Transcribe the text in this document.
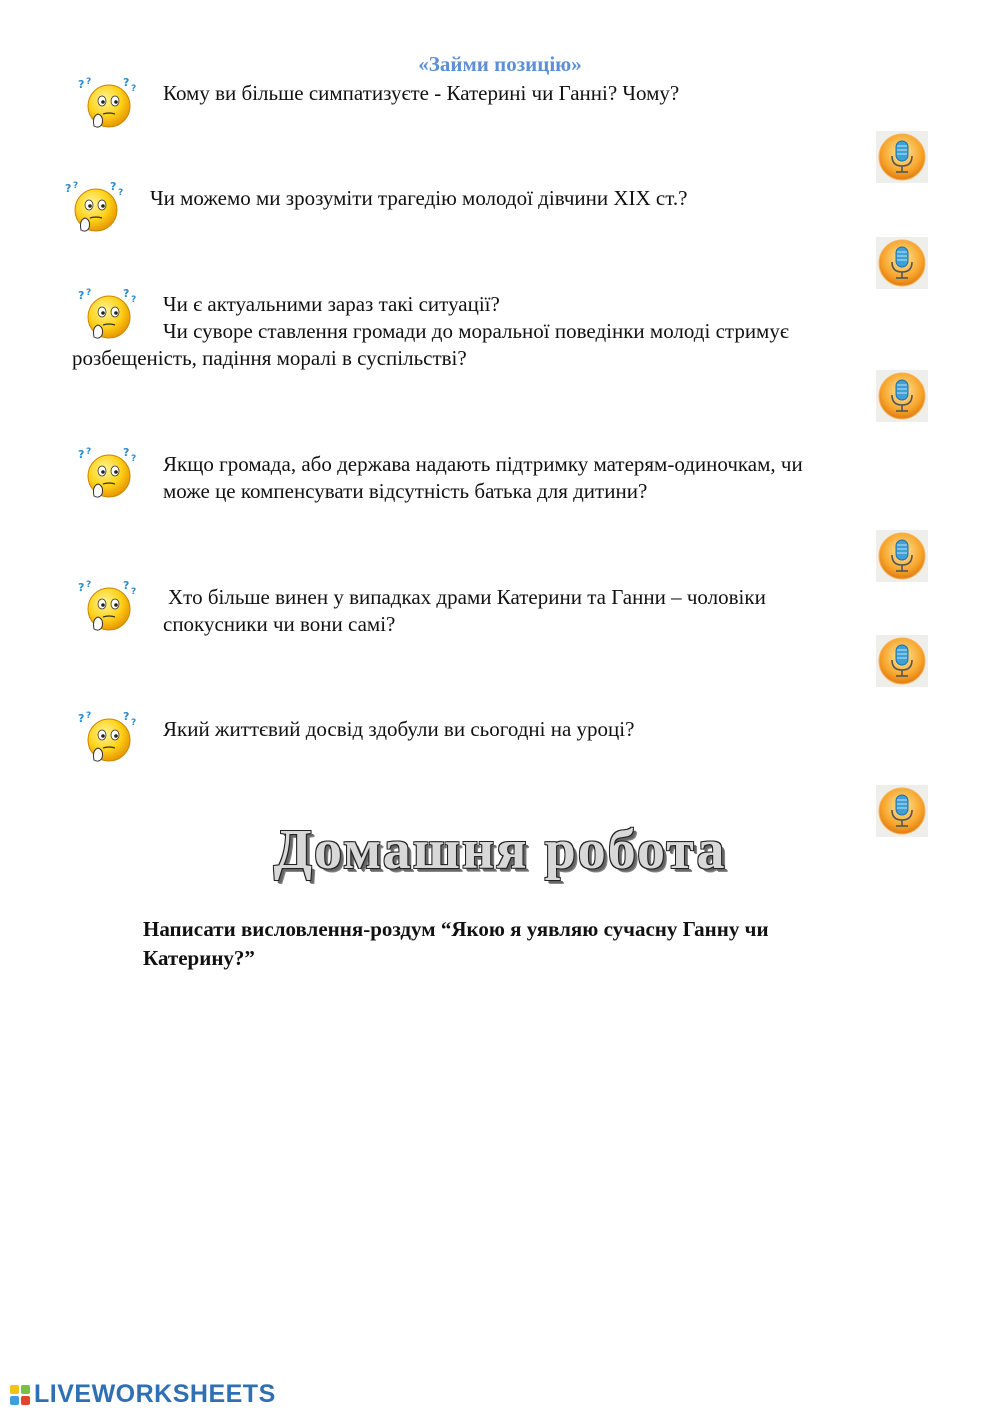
«Займи позицію»
Кому ви більше симпатизуєте - Катерині чи Ганні? Чому?
Чи можемо ми зрозуміти трагедію молодої дівчини XIX ст.?
Чи є актуальними зараз такі ситуації?
Чи суворе ставлення громади до моральної поведінки молоді стримує
розбещеність, падіння моралі в суспільстві?
Якщо громада, або держава надають підтримку матерям-одиночкам, чи
може це компенсувати відсутність батька для дитини?
Хто більше винен у випадках драми Катерини та Ганни – чоловіки
спокусники чи вони самі?
Який життєвий досвід здобули ви сьогодні на уроці?
Домашня робота
Написати висловлення-роздум “Якою я уявляю сучасну Ганну чи
Катерину?”
LIVEWORKSHEETS
